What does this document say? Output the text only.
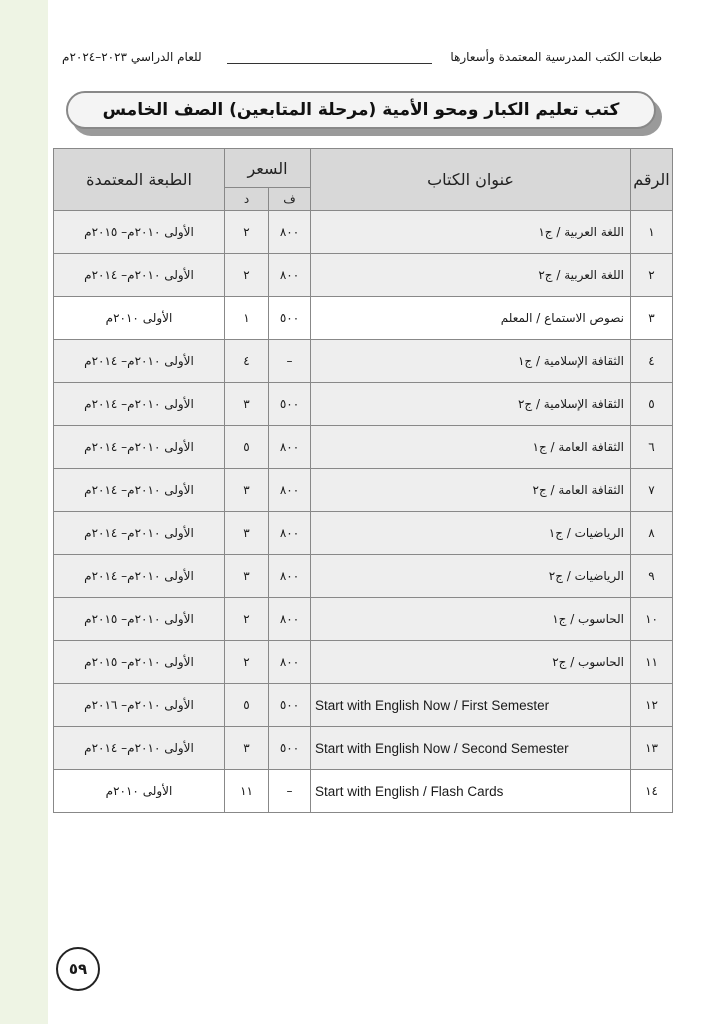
طبعات الكتب المدرسية المعتمدة وأسعارها
للعام الدراسي ٢٠٢٣–٢٠٢٤م
كتب تعليم الكبار ومحو الأمية (مرحلة المتابعين) الصف الخامس
الرقم	عنوان الكتاب	السعر		الطبعة المعتمدة
		ف	د	
١	اللغة العربية / ج١	٨٠٠	٢	الأولى ٢٠١٠م– ٢٠١٥م
٢	اللغة العربية / ج٢	٨٠٠	٢	الأولى ٢٠١٠م– ٢٠١٤م
٣	نصوص الاستماع / المعلم	٥٠٠	١	الأولى ٢٠١٠م
٤	الثقافة الإسلامية / ج١	–	٤	الأولى ٢٠١٠م– ٢٠١٤م
٥	الثقافة الإسلامية / ج٢	٥٠٠	٣	الأولى ٢٠١٠م– ٢٠١٤م
٦	الثقافة العامة / ج١	٨٠٠	٥	الأولى ٢٠١٠م– ٢٠١٤م
٧	الثقافة العامة / ج٢	٨٠٠	٣	الأولى ٢٠١٠م– ٢٠١٤م
٨	الرياضيات / ج١	٨٠٠	٣	الأولى ٢٠١٠م– ٢٠١٤م
٩	الرياضيات / ج٢	٨٠٠	٣	الأولى ٢٠١٠م– ٢٠١٤م
١٠	الحاسوب / ج١	٨٠٠	٢	الأولى ٢٠١٠م– ٢٠١٥م
١١	الحاسوب / ج٢	٨٠٠	٢	الأولى ٢٠١٠م– ٢٠١٥م
١٢	Start with English Now / First Semester	٥٠٠	٥	الأولى ٢٠١٠م– ٢٠١٦م
١٣	Start with English Now / Second Semester	٥٠٠	٣	الأولى ٢٠١٠م– ٢٠١٤م
١٤	Start with English / Flash Cards	–	١١	الأولى ٢٠١٠م
٥٩
